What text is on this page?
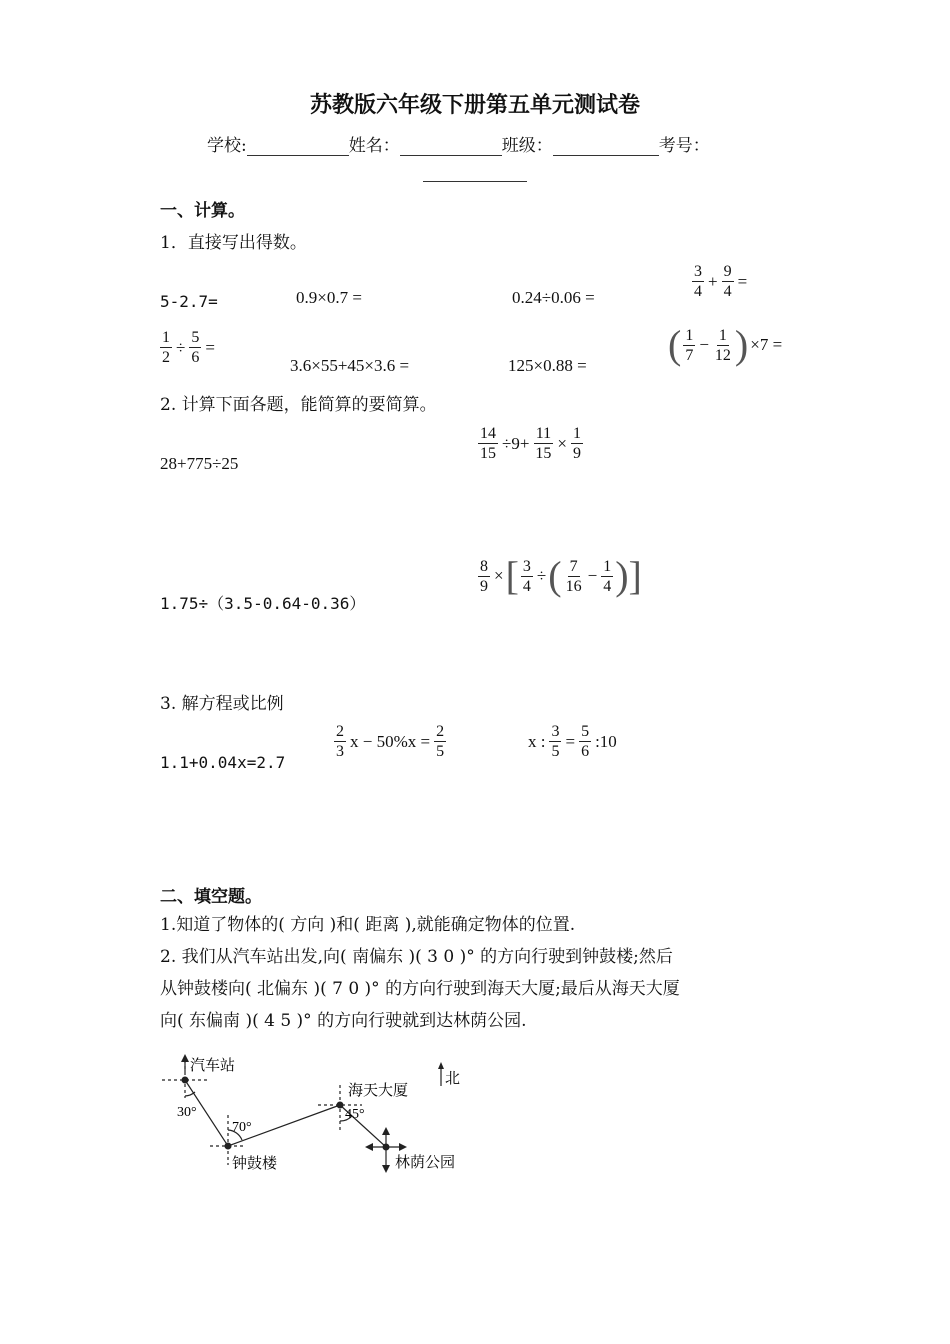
苏教版六年级下册第五单元测试卷
学校:	姓名：	班级：	考号：
一、计算。
1．直接写出得数。
5-2.7=	0.9×0.7 =	0.24÷0.06 =	$\frac{3}{4} + \frac{9}{4}$ =
$\frac{1}{2} \div \frac{5}{6}$ =
3.6×55+45×3.6 =	125×0.88 = ( $\frac{1}{7} - \frac{1}{12}$ ) ×7 =
2. 计算下面各题，能简算的要简算。
28+775÷25
$\frac{14}{15} \div 9+ \frac{11}{15} \times \frac{1}{9}$
1.75÷（3.5-0.64-0.36）
$\frac{8}{9}$ ×[ $\frac{3}{4}$ ÷( $\frac{7}{16} - \frac{1}{4}$ )]
3. 解方程或比例
1.1+0.04x=2.7
$\frac{2}{3}$ $x - 50\%x = \frac{2}{5}$	x : $\frac{3}{5} = \frac{5}{6}$ :10
二、填空题。
1.知道了物体的( 方向 )和( 距离 ),就能确定物体的位置.
2. 我们从汽车站出发,向( 南偏东 )( 3 0 )° 的方向行驶到钟鼓楼;然后
从钟鼓楼向( 北偏东 )( 7 0 )° 的方向行驶到海天大厦;最后从海天大厦
向( 东偏南 )( 4 5 )° 的方向行驶就到达林荫公园.
汽车站
30°
70°
钟鼓楼
海天大厦
45°
林荫公园
北
